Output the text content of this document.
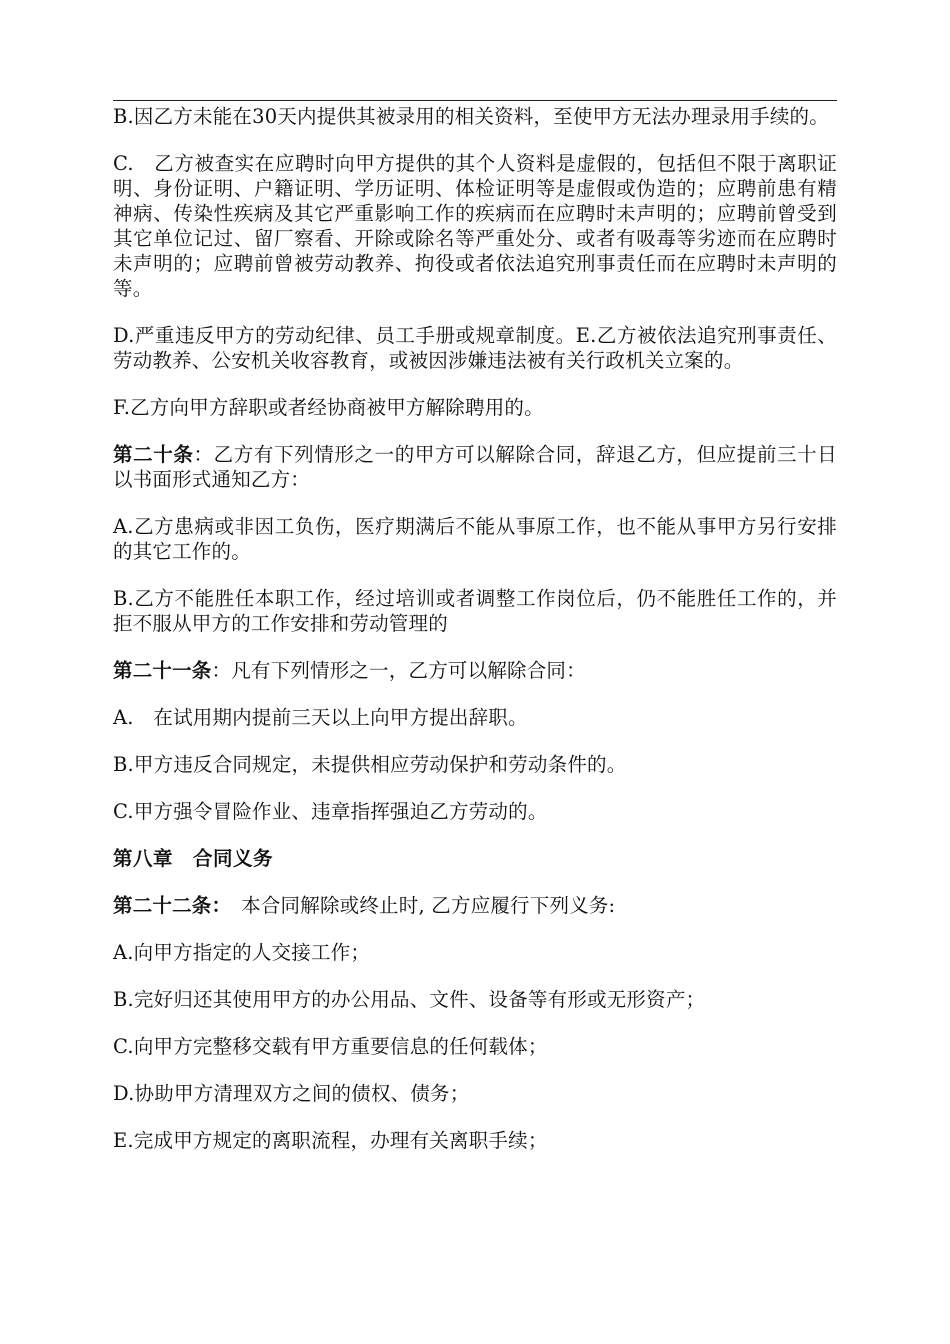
B.因乙方未能在30天内提供其被录用的相关资料，至使甲方无法办理录用手续的。

C.　乙方被查实在应聘时向甲方提供的其个人资料是虚假的，包括但不限于离职证明、身份证明、户籍证明、学历证明、体检证明等是虚假或伪造的；应聘前患有精神病、传染性疾病及其它严重影响工作的疾病而在应聘时未声明的；应聘前曾受到其它单位记过、留厂察看、开除或除名等严重处分、或者有吸毒等劣迹而在应聘时未声明的；应聘前曾被劳动教养、拘役或者依法追究刑事责任而在应聘时未声明的等。

D.严重违反甲方的劳动纪律、员工手册或规章制度。E.乙方被依法追究刑事责任、劳动教养、公安机关收容教育，或被因涉嫌违法被有关行政机关立案的。

F.乙方向甲方辞职或者经协商被甲方解除聘用的。

第二十条：乙方有下列情形之一的甲方可以解除合同，辞退乙方，但应提前三十日以书面形式通知乙方：

A.乙方患病或非因工负伤，医疗期满后不能从事原工作，也不能从事甲方另行安排的其它工作的。

B.乙方不能胜任本职工作，经过培训或者调整工作岗位后，仍不能胜任工作的，并拒不服从甲方的工作安排和劳动管理的

第二十一条：凡有下列情形之一，乙方可以解除合同：

A.　在试用期内提前三天以上向甲方提出辞职。

B.甲方违反合同规定，未提供相应劳动保护和劳动条件的。

C.甲方强令冒险作业、违章指挥强迫乙方劳动的。

第八章　合同义务

第二十二条：　本合同解除或终止时, 乙方应履行下列义务:

A.向甲方指定的人交接工作；

B.完好归还其使用甲方的办公用品、文件、设备等有形或无形资产；

C.向甲方完整移交载有甲方重要信息的任何载体；

D.协助甲方清理双方之间的债权、债务；

E.完成甲方规定的离职流程，办理有关离职手续；
